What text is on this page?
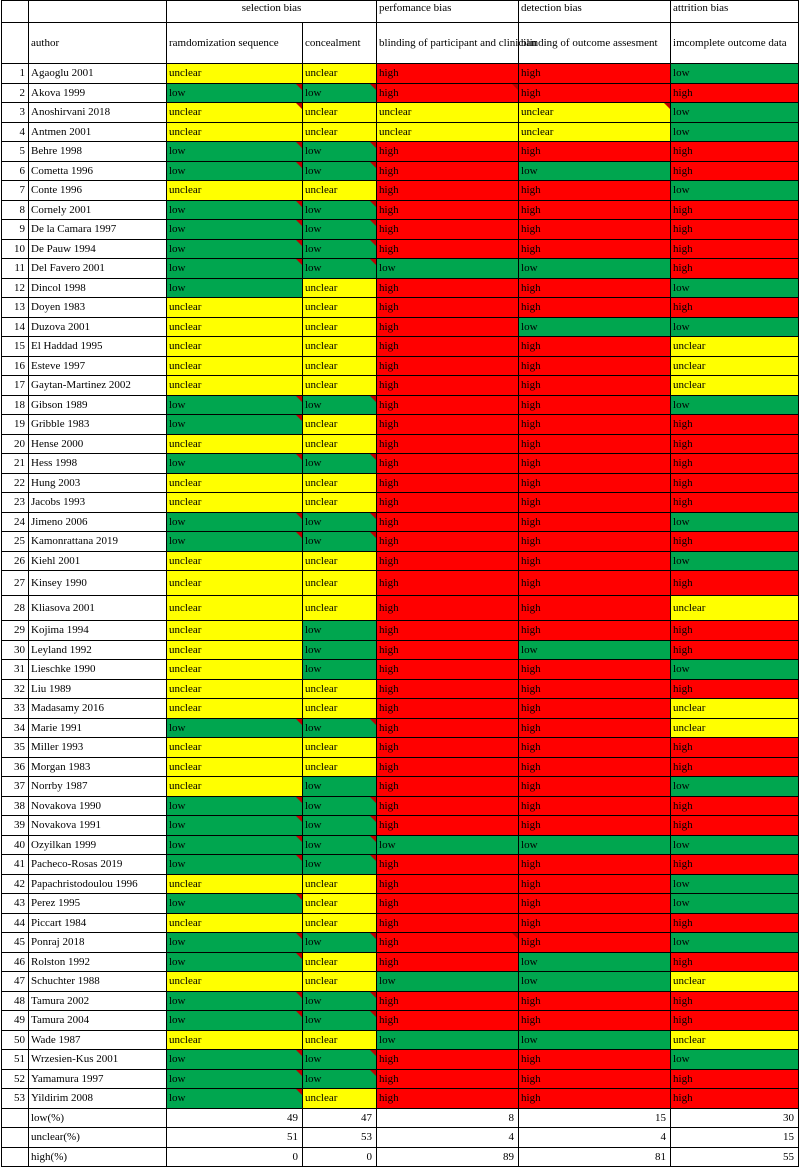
		selection bias		perfomance bias	detection bias	attrition bias
	author	ramdomization sequence	concealment	blinding of participant and clinician	blinding of outcome assesment	imcomplete outcome data
1	Agaoglu 2001	unclear	unclear	high	high	low
2	Akova 1999	low	low	high	high	high
3	Anoshirvani 2018	unclear	unclear	unclear	unclear	low
4	Antmen 2001	unclear	unclear	unclear	unclear	low
5	Behre 1998	low	low	high	high	high
6	Cometta 1996	low	low	high	low	high
7	Conte 1996	unclear	unclear	high	high	low
8	Cornely 2001	low	low	high	high	high
9	De la Camara 1997	low	low	high	high	high
10	De Pauw 1994	low	low	high	high	high
11	Del Favero 2001	low	low	low	low	high
12	Dincol 1998	low	unclear	high	high	low
13	Doyen 1983	unclear	unclear	high	high	high
14	Duzova 2001	unclear	unclear	high	low	low
15	El Haddad 1995	unclear	unclear	high	high	unclear
16	Esteve 1997	unclear	unclear	high	high	unclear
17	Gaytan-Martinez 2002	unclear	unclear	high	high	unclear
18	Gibson 1989	low	low	high	high	low
19	Gribble 1983	low	unclear	high	high	high
20	Hense 2000	unclear	unclear	high	high	high
21	Hess 1998	low	low	high	high	high
22	Hung 2003	unclear	unclear	high	high	high
23	Jacobs 1993	unclear	unclear	high	high	high
24	Jimeno 2006	low	low	high	high	low
25	Kamonrattana 2019	low	low	high	high	high
26	Kiehl 2001	unclear	unclear	high	high	low
27	Kinsey 1990	unclear	unclear	high	high	high
28	Kliasova 2001	unclear	unclear	high	high	unclear
29	Kojima 1994	unclear	low	high	high	high
30	Leyland 1992	unclear	low	high	low	high
31	Lieschke 1990	unclear	low	high	high	low
32	Liu 1989	unclear	unclear	high	high	high
33	Madasamy 2016	unclear	unclear	high	high	unclear
34	Marie 1991	low	low	high	high	unclear
35	Miller 1993	unclear	unclear	high	high	high
36	Morgan 1983	unclear	unclear	high	high	high
37	Norrby 1987	unclear	low	high	high	low
38	Novakova 1990	low	low	high	high	high
39	Novakova 1991	low	low	high	high	high
40	Ozyilkan 1999	low	low	low	low	low
41	Pacheco-Rosas 2019	low	low	high	high	high
42	Papachristodoulou 1996	unclear	unclear	high	high	low
43	Perez 1995	low	unclear	high	high	low
44	Piccart 1984	unclear	unclear	high	high	high
45	Ponraj 2018	low	low	high	high	low
46	Rolston 1992	low	unclear	high	low	high
47	Schuchter 1988	unclear	unclear	low	low	unclear
48	Tamura 2002	low	low	high	high	high
49	Tamura 2004	low	low	high	high	high
50	Wade 1987	unclear	unclear	low	low	unclear
51	Wrzesien-Kus 2001	low	low	high	high	low
52	Yamamura 1997	low	low	high	high	high
53	Yildirim 2008	low	unclear	high	high	high
	low(%)	49	47	8	15	30
	unclear(%)	51	53	4	4	15
	high(%)	0	0	89	81	55
